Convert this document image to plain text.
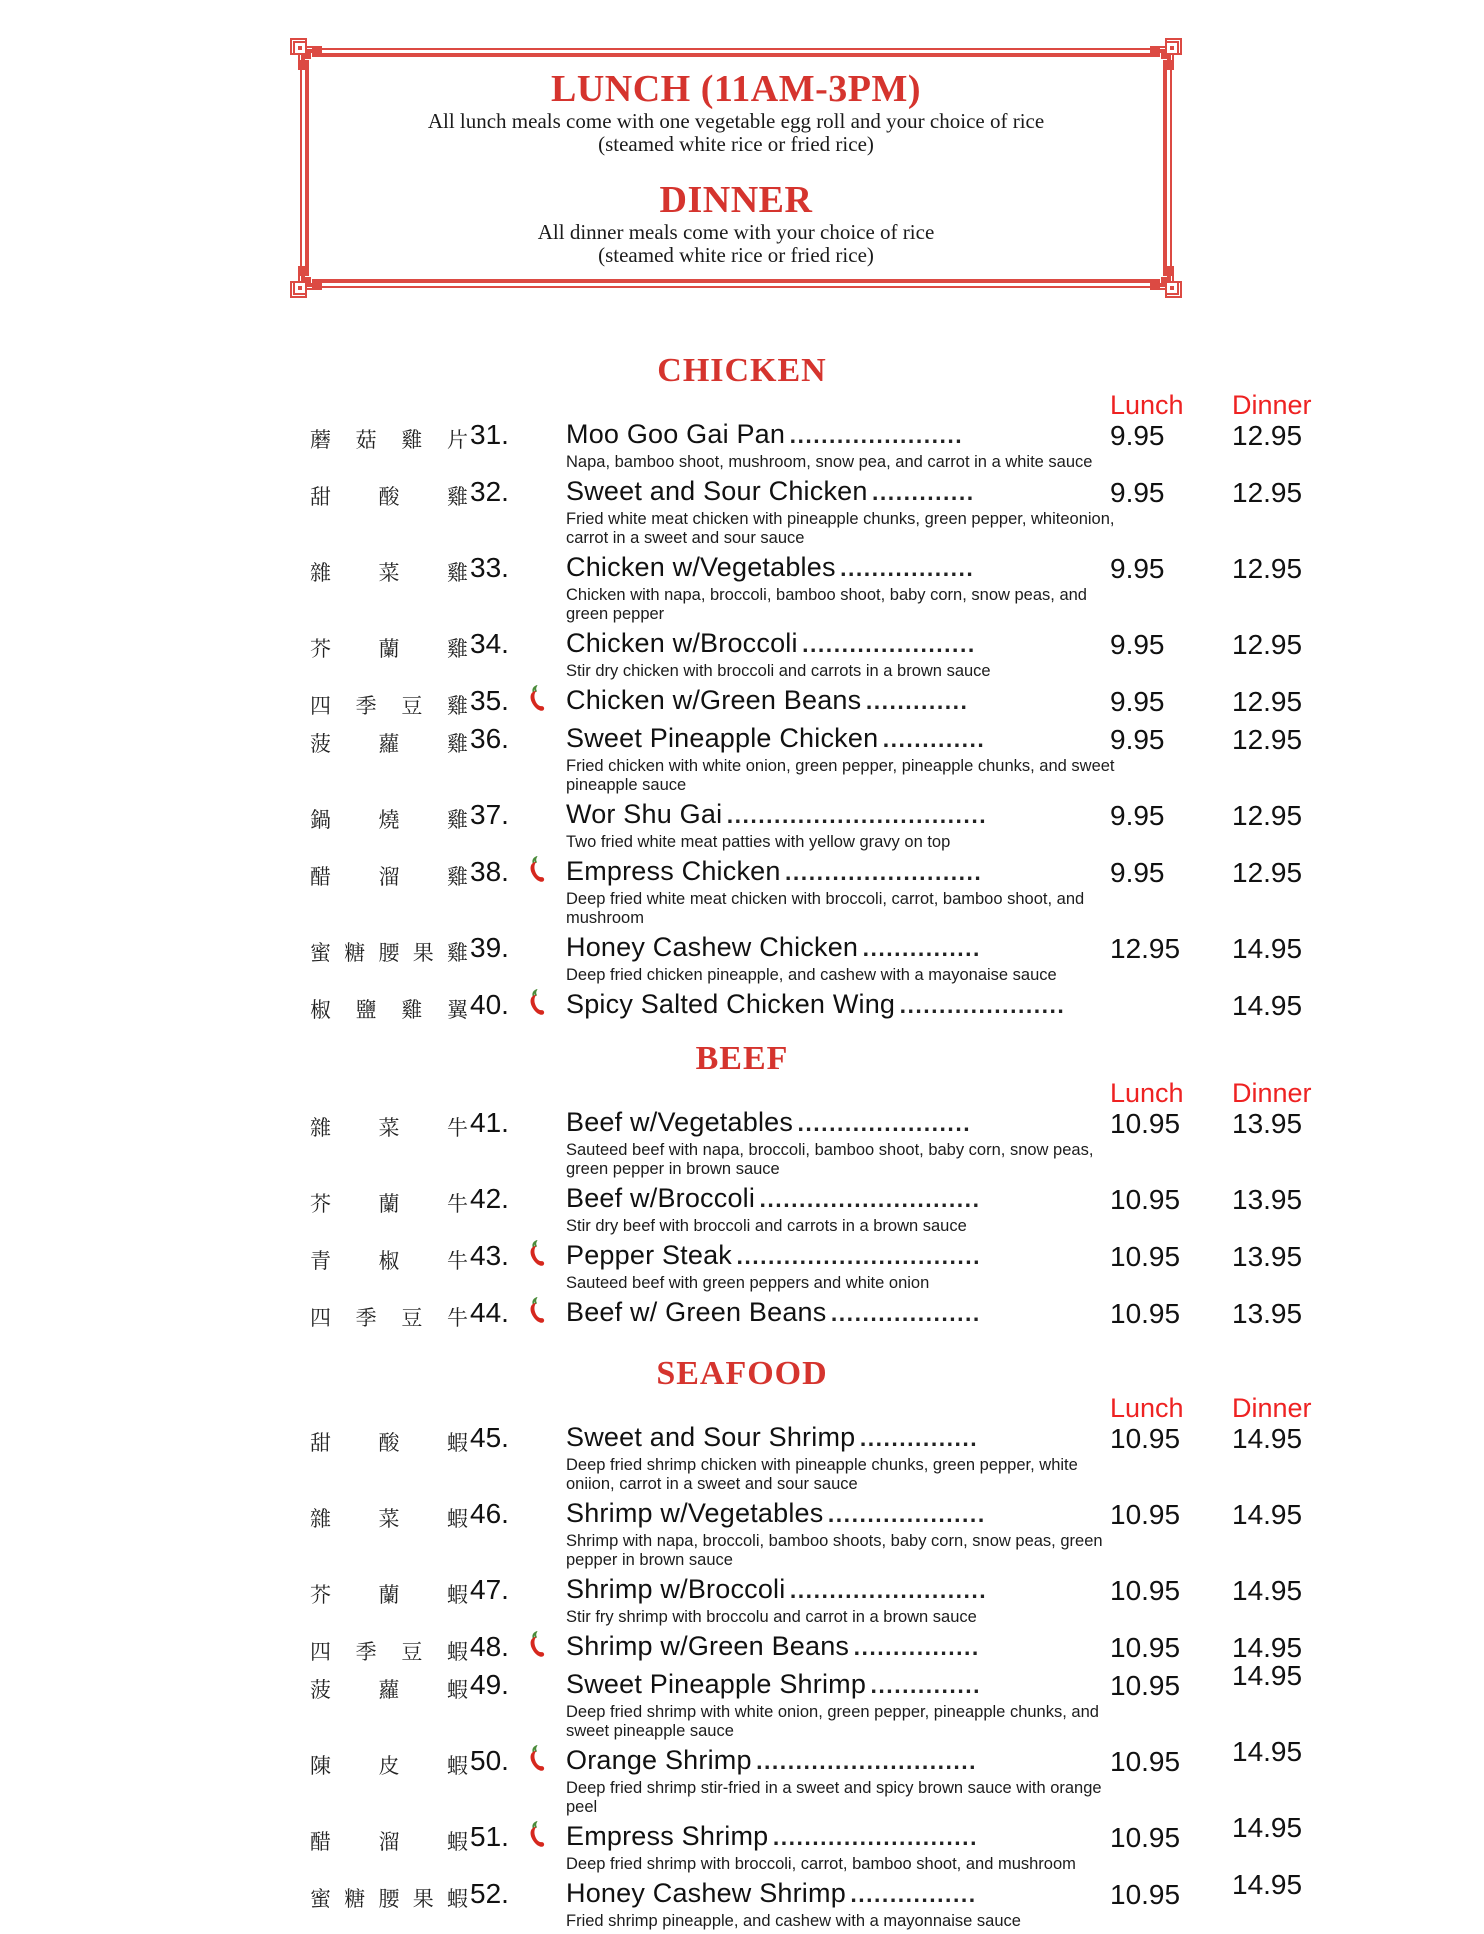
LUNCH (11AM-3PM)
All lunch meals come with one vegetable egg roll and your choice of rice
(steamed white rice or fried rice)
DINNER
All dinner meals come with your choice of rice
(steamed white rice or fried rice)
CHICKEN
Lunch Dinner
蘑 菇 雞 片 31. Moo Goo Gai Pan ......................
Napa, bamboo shoot, mushroom, snow pea, and carrot in a white sauce
9.95	12.95
甜 酸 雞 32. Sweet and Sour Chicken .............
Fried white meat chicken with pineapple chunks, green pepper, whiteonion, carrot in a sweet and sour sauce
9.95	12.95
雜 菜 雞 33. Chicken w/Vegetables .................
Chicken with napa, broccoli, bamboo shoot, baby corn, snow peas, and green pepper
9.95	12.95
芥 蘭 雞 34. Chicken w/Broccoli ......................
Stir dry chicken with broccoli and carrots in a brown sauce
9.95	12.95
四 季 豆 雞 35. Chicken w/Green Beans .............	9.95	12.95
菠 蘿 雞 36. Sweet Pineapple Chicken .............
Fried chicken with white onion, green pepper, pineapple chunks, and sweet pineapple sauce
9.95	12.95
鍋 燒 雞 37. Wor Shu Gai .................................
Two fried white meat patties with yellow gravy on top
9.95	12.95
醋 溜 雞 38. Empress Chicken .........................
Deep fried white meat chicken with broccoli, carrot, bamboo shoot, and mushroom
9.95	12.95
蜜 糖 腰 果 雞 39. Honey Cashew Chicken ...............
Deep fried chicken pineapple, and cashew with a mayonaise sauce
12.95	14.95
椒 鹽 雞 翼 40. Spicy Salted Chicken Wing .....................	14.95
BEEF
Lunch Dinner
雜 菜 牛 41. Beef w/Vegetables ......................
Sauteed beef with napa, broccoli, bamboo shoot, baby corn, snow peas, green pepper in brown sauce
10.95	13.95
芥 蘭 牛 42. Beef w/Broccoli ............................
Stir dry beef with broccoli and carrots in a brown sauce
10.95	13.95
青 椒 牛 43. Pepper Steak ...............................
Sauteed beef with green peppers and white onion
10.95	13.95
四 季 豆 牛 44. Beef w/ Green Beans ...................	10.95	13.95
SEAFOOD
Lunch Dinner
甜 酸 蝦 45. Sweet and Sour Shrimp ...............
Deep fried shrimp chicken with pineapple chunks, green pepper, white oniion, carrot in a sweet and sour sauce
10.95	14.95
雜 菜 蝦 46. Shrimp w/Vegetables ....................
Shrimp with napa, broccoli, bamboo shoots, baby corn, snow peas, green pepper in brown sauce
10.95	14.95
芥 蘭 蝦 47. Shrimp w/Broccoli .........................
Stir fry shrimp with broccolu and carrot in a brown sauce
10.95	14.95
四 季 豆 蝦 48. Shrimp w/Green Beans ................	10.95	14.95
菠 蘿 蝦 49. Sweet Pineapple Shrimp ..............
Deep fried shrimp with white onion, green pepper, pineapple chunks, and sweet pineapple sauce
10.95	14.95
陳 皮 蝦 50. Orange Shrimp ............................
Deep fried shrimp stir-fried in a sweet and spicy brown sauce with orange peel
10.95	14.95
醋 溜 蝦 51. Empress Shrimp ..........................
Deep fried shrimp with broccoli, carrot, bamboo shoot, and mushroom
10.95	14.95
蜜 糖 腰 果 蝦 52. Honey Cashew Shrimp ................
Fried shrimp pineapple, and cashew with a mayonnaise sauce
10.95	14.95
